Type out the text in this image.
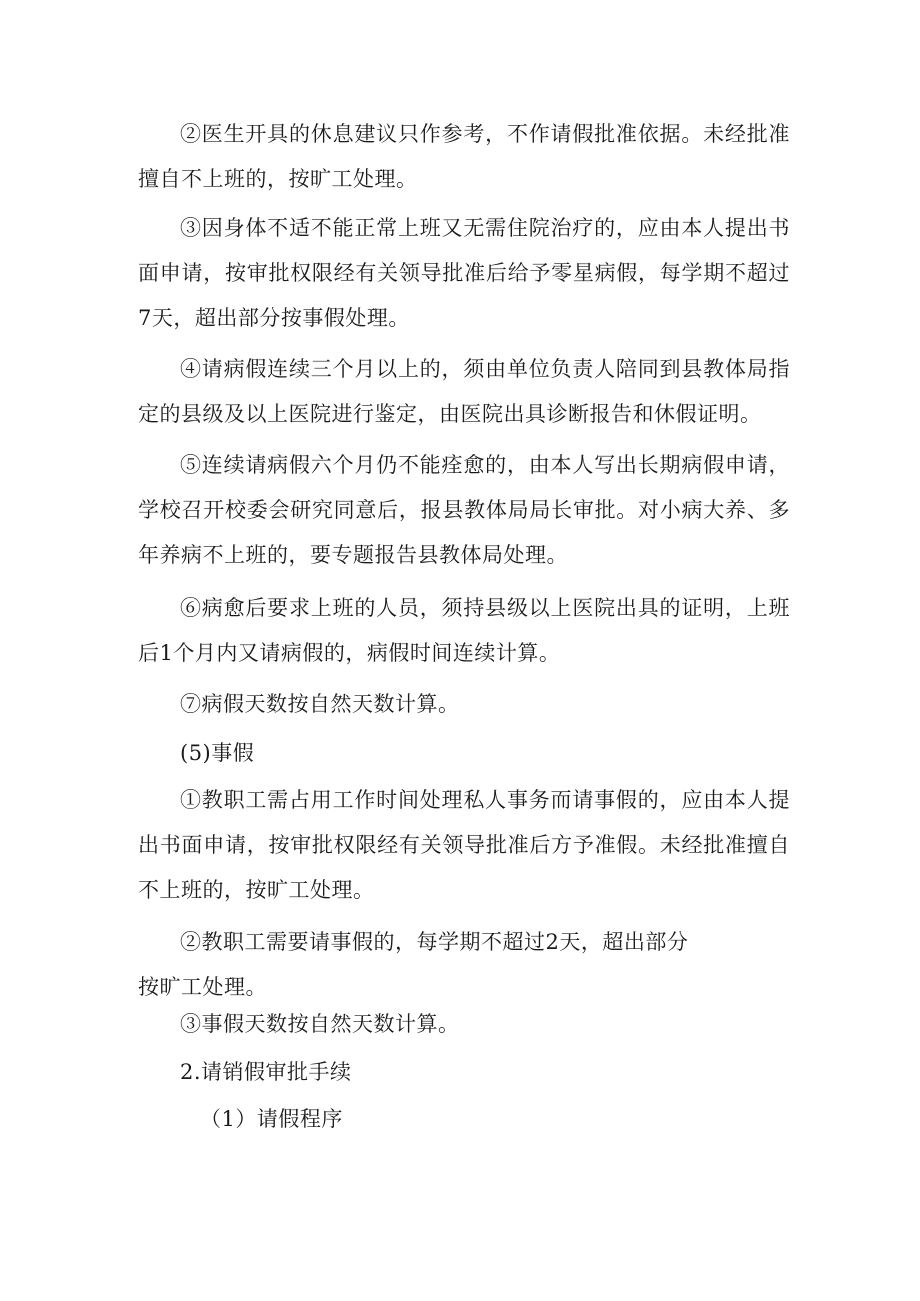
②医生开具的休息建议只作参考，不作请假批准依据。未经批准擅自不上班的，按旷工处理。

③因身体不适不能正常上班又无需住院治疗的，应由本人提出书面申请，按审批权限经有关领导批准后给予零星病假，每学期不超过7天，超出部分按事假处理。

④请病假连续三个月以上的，须由单位负责人陪同到县教体局指定的县级及以上医院进行鉴定，由医院出具诊断报告和休假证明。

⑤连续请病假六个月仍不能痊愈的，由本人写出长期病假申请，学校召开校委会研究同意后，报县教体局局长审批。对小病大养、多年养病不上班的，要专题报告县教体局处理。

⑥病愈后要求上班的人员，须持县级以上医院出具的证明，上班后1个月内又请病假的，病假时间连续计算。

⑦病假天数按自然天数计算。

(5)事假

①教职工需占用工作时间处理私人事务而请事假的，应由本人提出书面申请，按审批权限经有关领导批准后方予准假。未经批准擅自不上班的，按旷工处理。

②教职工需要请事假的，每学期不超过2天，超出部分
按旷工处理。

③事假天数按自然天数计算。

2.请销假审批手续

（1）请假程序
